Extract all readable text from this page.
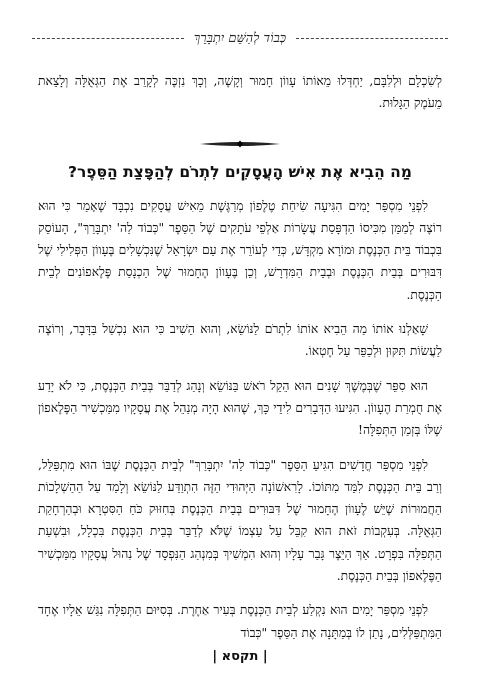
כְּבוֹד לְהַשֵּׁם יִתְבָּרֵךְ

לְשִׂכְלָם וּלְלִבָּם, יַחְדְּלוּ מֵאוֹתוֹ עָווֹן חָמוּר וְקָשֶׁה, וְכָךְ נִזְכֶּה לְקָרֵב אֶת הַגְּאֻלָּה וְלָצֵאת מֵעֹמֶק הַגָּלוּת.

מַה הֵבִיא אֶת אִישׁ הָעֲסָקִים לִתְרֹם לְהַפָּצַת הַסֵּפֶר?

לִפְנֵי מִסְפַּר יָמִים הִגִּיעָה שִׂיחַת טֶלֶפוֹן מְרַגֶּשֶׁת מֵאִישׁ עֲסָקִים נִכְבָּד שֶׁאָמַר כִּי הוּא רוֹצֶה לְמַמֵּן מִכִּיסוֹ הַדְפָּסַת עֲשָׂרוֹת אַלְפֵי עֹתָקִים שֶׁל הַסֵּפֶר "כְּבוֹד לַה' יִתְבָּרַךְ", הָעוֹסֵק בִּכְבוֹד בֵּית הַכְּנֶסֶת וּמוֹרָא מִקְדָּשׁ, כְּדֵי לְעוֹרֵר אֶת עַם יִשְׂרָאֵל שֶׁנִּכְשָׁלִים בֶּעָווֹן הַפְּלִילִי שֶׁל דִּבּוּרִים בְּבֵית הַכְּנֶסֶת וּבְבֵית הַמִּדְרָשׁ, וְכֵן בֶּעָווֹן הֶחָמוּר שֶׁל הַכְנָסַת פֶּלֶאפוֹנִים לְבֵית הַכְּנֶסֶת.

שָׁאַלְנוּ אוֹתוֹ מַה הֵבִיא אוֹתוֹ לִתְרֹם לַנּוֹשֵׂא, וְהוּא הֵשִׁיב כִּי הוּא נִכְשַׁל בַּדָּבָר, וְרוֹצֶה לַעֲשׂוֹת תִּקּוּן וּלְכַפֵּר עַל חֶטְאוֹ.

הוּא סִפֵּר שֶׁבְּמֶשֶׁךְ שָׁנִים הוּא הֵקֵל רֹאשׁ בַּנּוֹשֵׂא וְנָהַג לְדַבֵּר בְּבֵית הַכְּנֶסֶת, כִּי לֹא יָדַע אֶת חֻמְרַת הֶעָווֹן. הִגִּיעוּ הַדְּבָרִים לִידֵי כָּךְ, שֶׁהוּא הָיָה מְנַהֵל אֶת עֲסָקָיו מִמַּכְשִׁיר הַפֶּלֶאפוֹן שֶׁלּוֹ בְּזְמַן הַתְּפִלָּה!

לִפְנֵי מִסְפַּר חֳדָשִׁים הִגִּיעַ הַסֵּפֶר "כְּבוֹד לַה' יִתְבָּרַךְ" לְבֵית הַכְּנֶסֶת שֶׁבּוֹ הוּא מִתְפַּלֵּל, וְרַב בֵּית הַכְּנֶסֶת לִמֵּד מִתּוֹכוֹ. לָרִאשׁוֹנָה הַיְּהוּדִי הַזֶּה הִתְוַדַּע לַנּוֹשֵׂא וְלָמַד עַל הַהַשְׁלָכוֹת הַחֲמוּרוֹת שֶׁיֵּשׁ לֶעָווֹן הֶחָמוּר שֶׁל דִּבּוּרִים בְּבֵית הַכְּנֶסֶת בְּחִזּוּק כֹּחַ הַסִּטְרָא וּבְהַרְחָקַת הַגְּאֻלָּה. בְּעִקְבוֹת זֹאת הוּא קִבֵּל עַל עַצְמוֹ שֶׁלֹּא לְדַבֵּר בְּבֵית הַכְּנֶסֶת בִּכְלָל, וּבִשְׁעַת הַתְּפִלָּה בִּפְרָט. אַךְ הַיֵּצֶר גָּבַר עָלָיו וְהוּא הִמְשִׁיךְ בְּמִנְהַג הַנִּפְסָד שֶׁל נִהוּל עֲסָקָיו מִמַּכְשִׁיר הַפֶּלֶאפוֹן בְּבֵית הַכְּנֶסֶת.

לִפְנֵי מִסְפַּר יָמִים הוּא נִקְלַע לְבֵית הַכְּנֶסֶת בְּעִיר אַחֶרֶת. בְּסִיּוּם הַתְּפִלָּה נִגַּשׁ אֵלָיו אֶחָד הַמִּתְפַּלְּלִים, נָתַן לוֹ בְּמַתָּנָה אֶת הַסֵּפֶר "כְּבוֹד

| תקסא |
